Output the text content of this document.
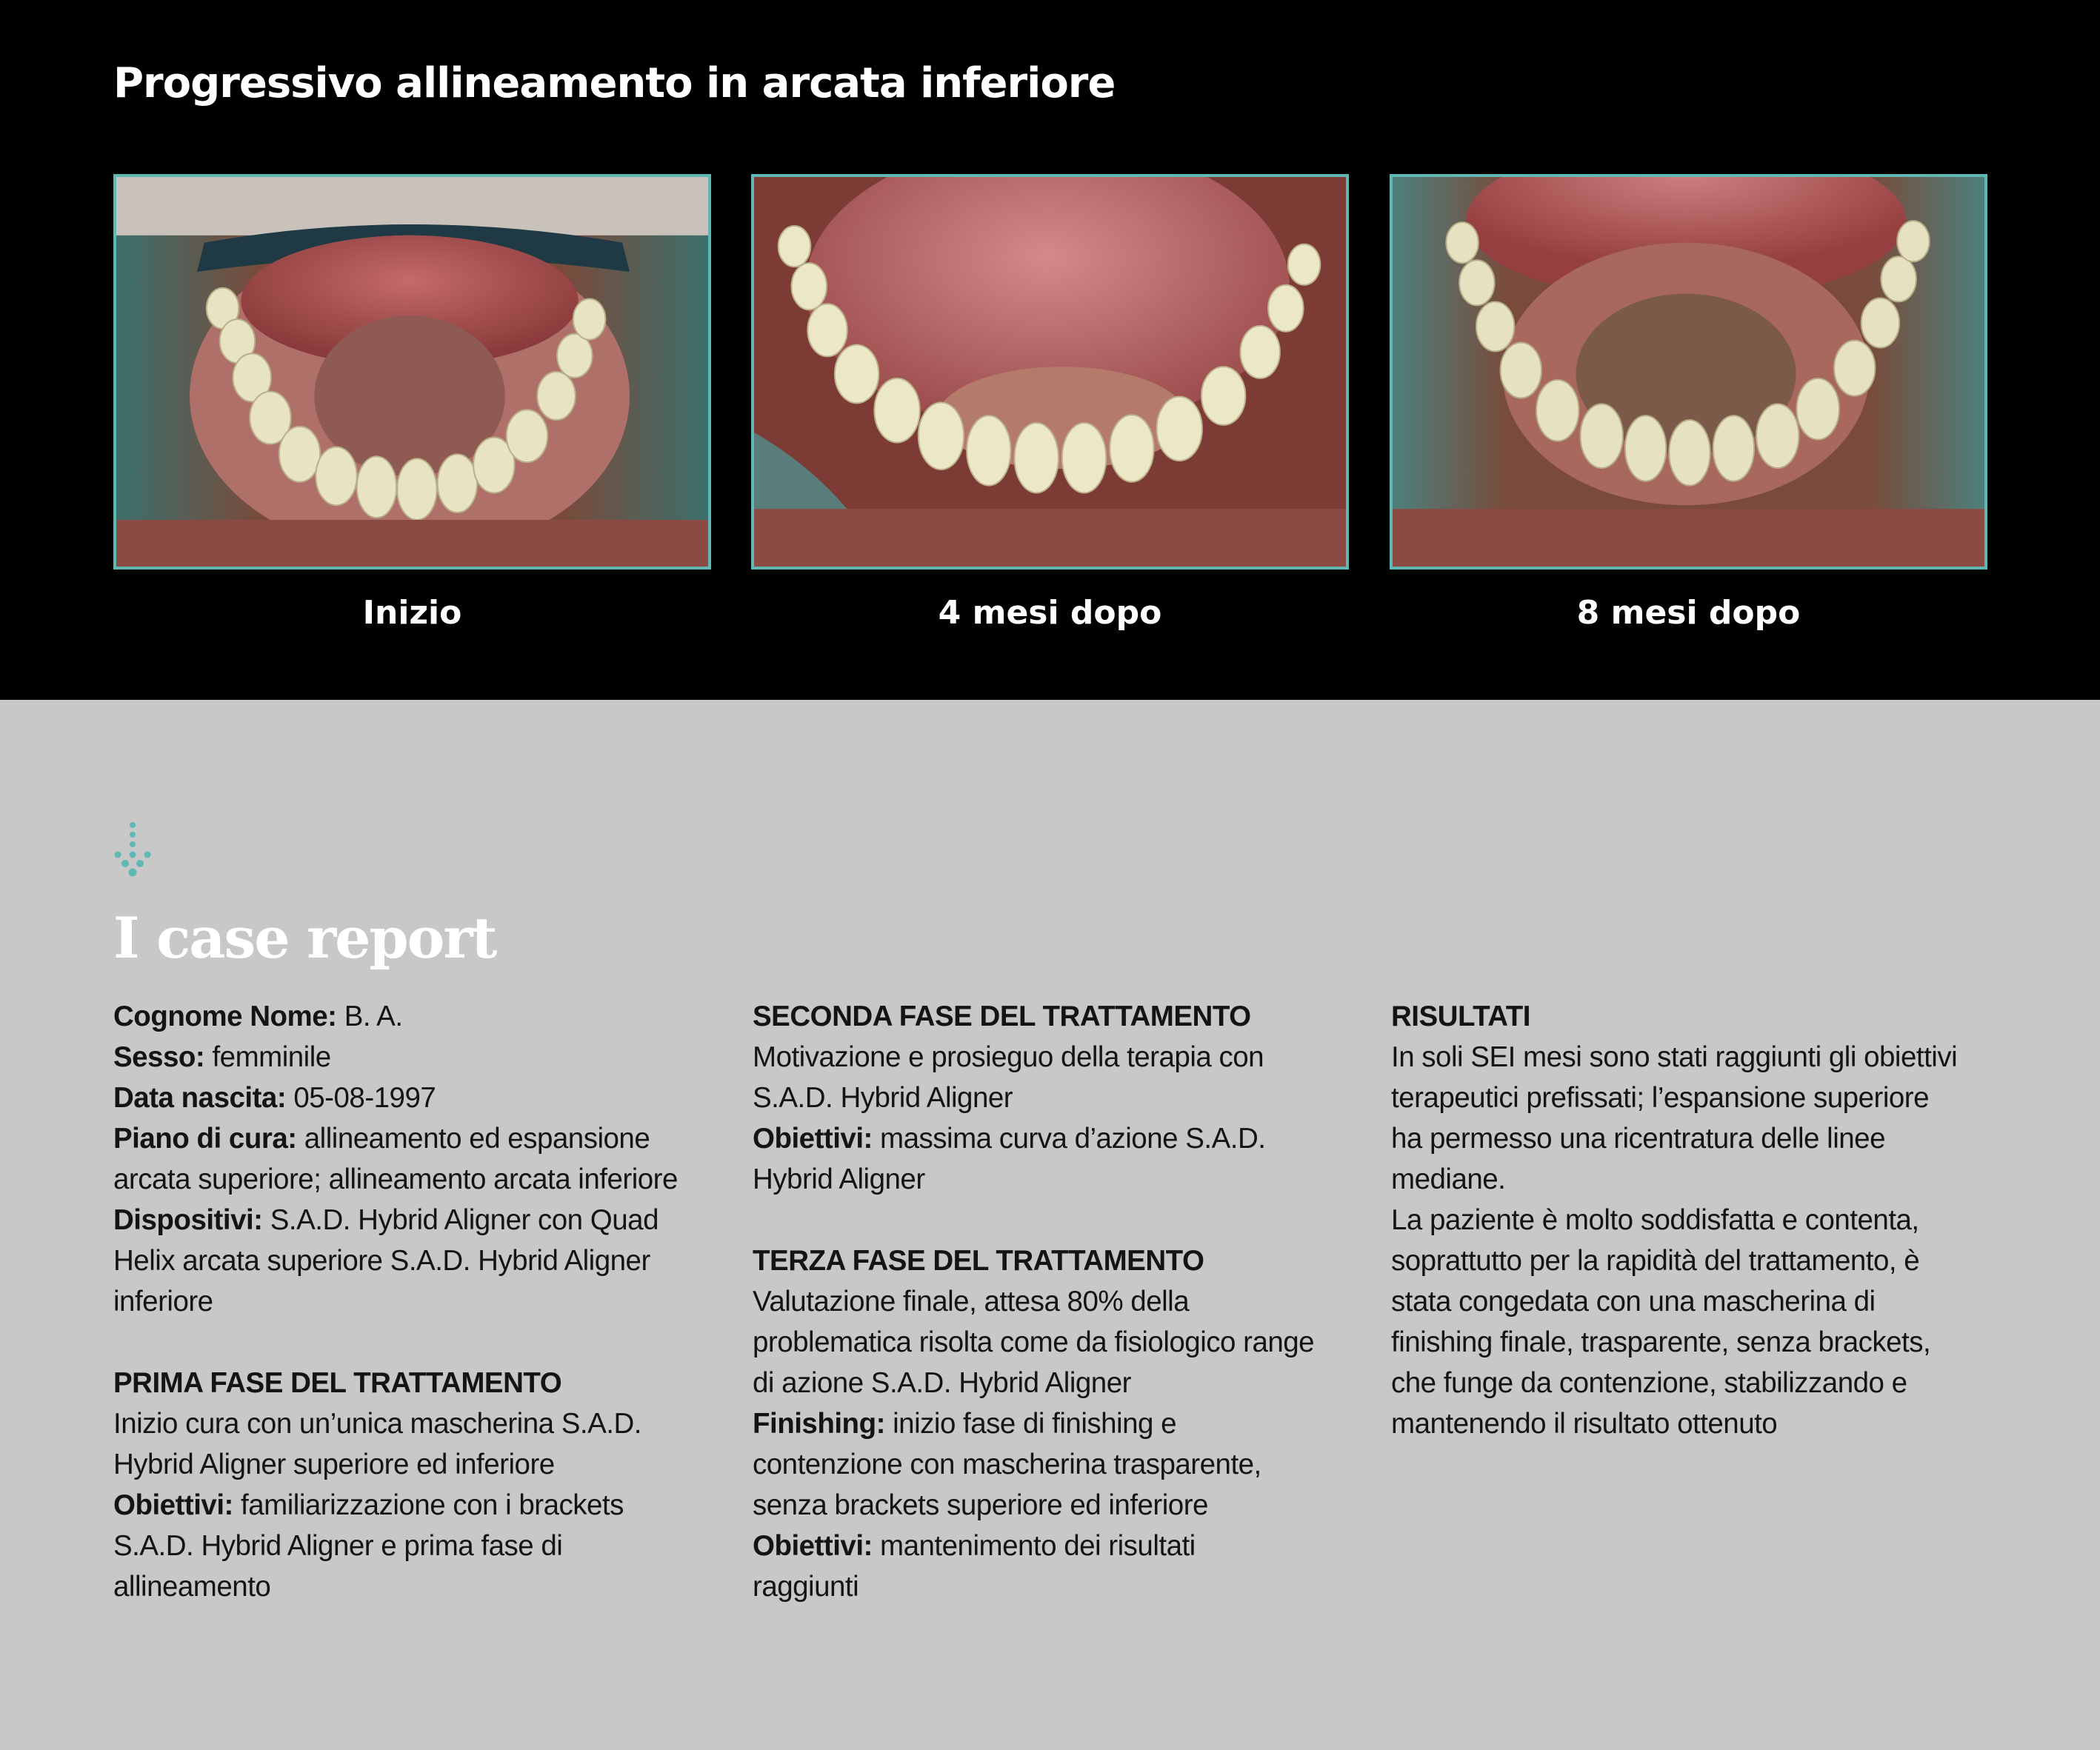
Progressivo allineamento in arcata inferiore
Inizio	4 mesi dopo	8 mesi dopo
I case report
Cognome Nome: B. A.
Sesso: femminile
Data nascita: 05-08-1997
Piano di cura: allineamento ed espansione
arcata superiore; allineamento arcata inferiore
Dispositivi: S.A.D. Hybrid Aligner con Quad
Helix arcata superiore S.A.D. Hybrid Aligner
inferiore
PRIMA FASE DEL TRATTAMENTO
Inizio cura con un’unica mascherina S.A.D.
Hybrid Aligner superiore ed inferiore
Obiettivi: familiarizzazione con i brackets
S.A.D. Hybrid Aligner e prima fase di
allineamento
SECONDA FASE DEL TRATTAMENTO
Motivazione e prosieguo della terapia con
S.A.D. Hybrid Aligner
Obiettivi: massima curva d’azione S.A.D.
Hybrid Aligner
TERZA FASE DEL TRATTAMENTO
Valutazione finale, attesa 80% della
problematica risolta come da fisiologico range
di azione S.A.D. Hybrid Aligner
Finishing: inizio fase di finishing e
contenzione con mascherina trasparente,
senza brackets superiore ed inferiore
Obiettivi: mantenimento dei risultati
raggiunti
RISULTATI
In soli SEI mesi sono stati raggiunti gli obiettivi
terapeutici prefissati; l’espansione superiore
ha permesso una ricentratura delle linee
mediane.
La paziente è molto soddisfatta e contenta,
soprattutto per la rapidità del trattamento, è
stata congedata con una mascherina di
finishing finale, trasparente, senza brackets,
che funge da contenzione, stabilizzando e
mantenendo il risultato ottenuto
